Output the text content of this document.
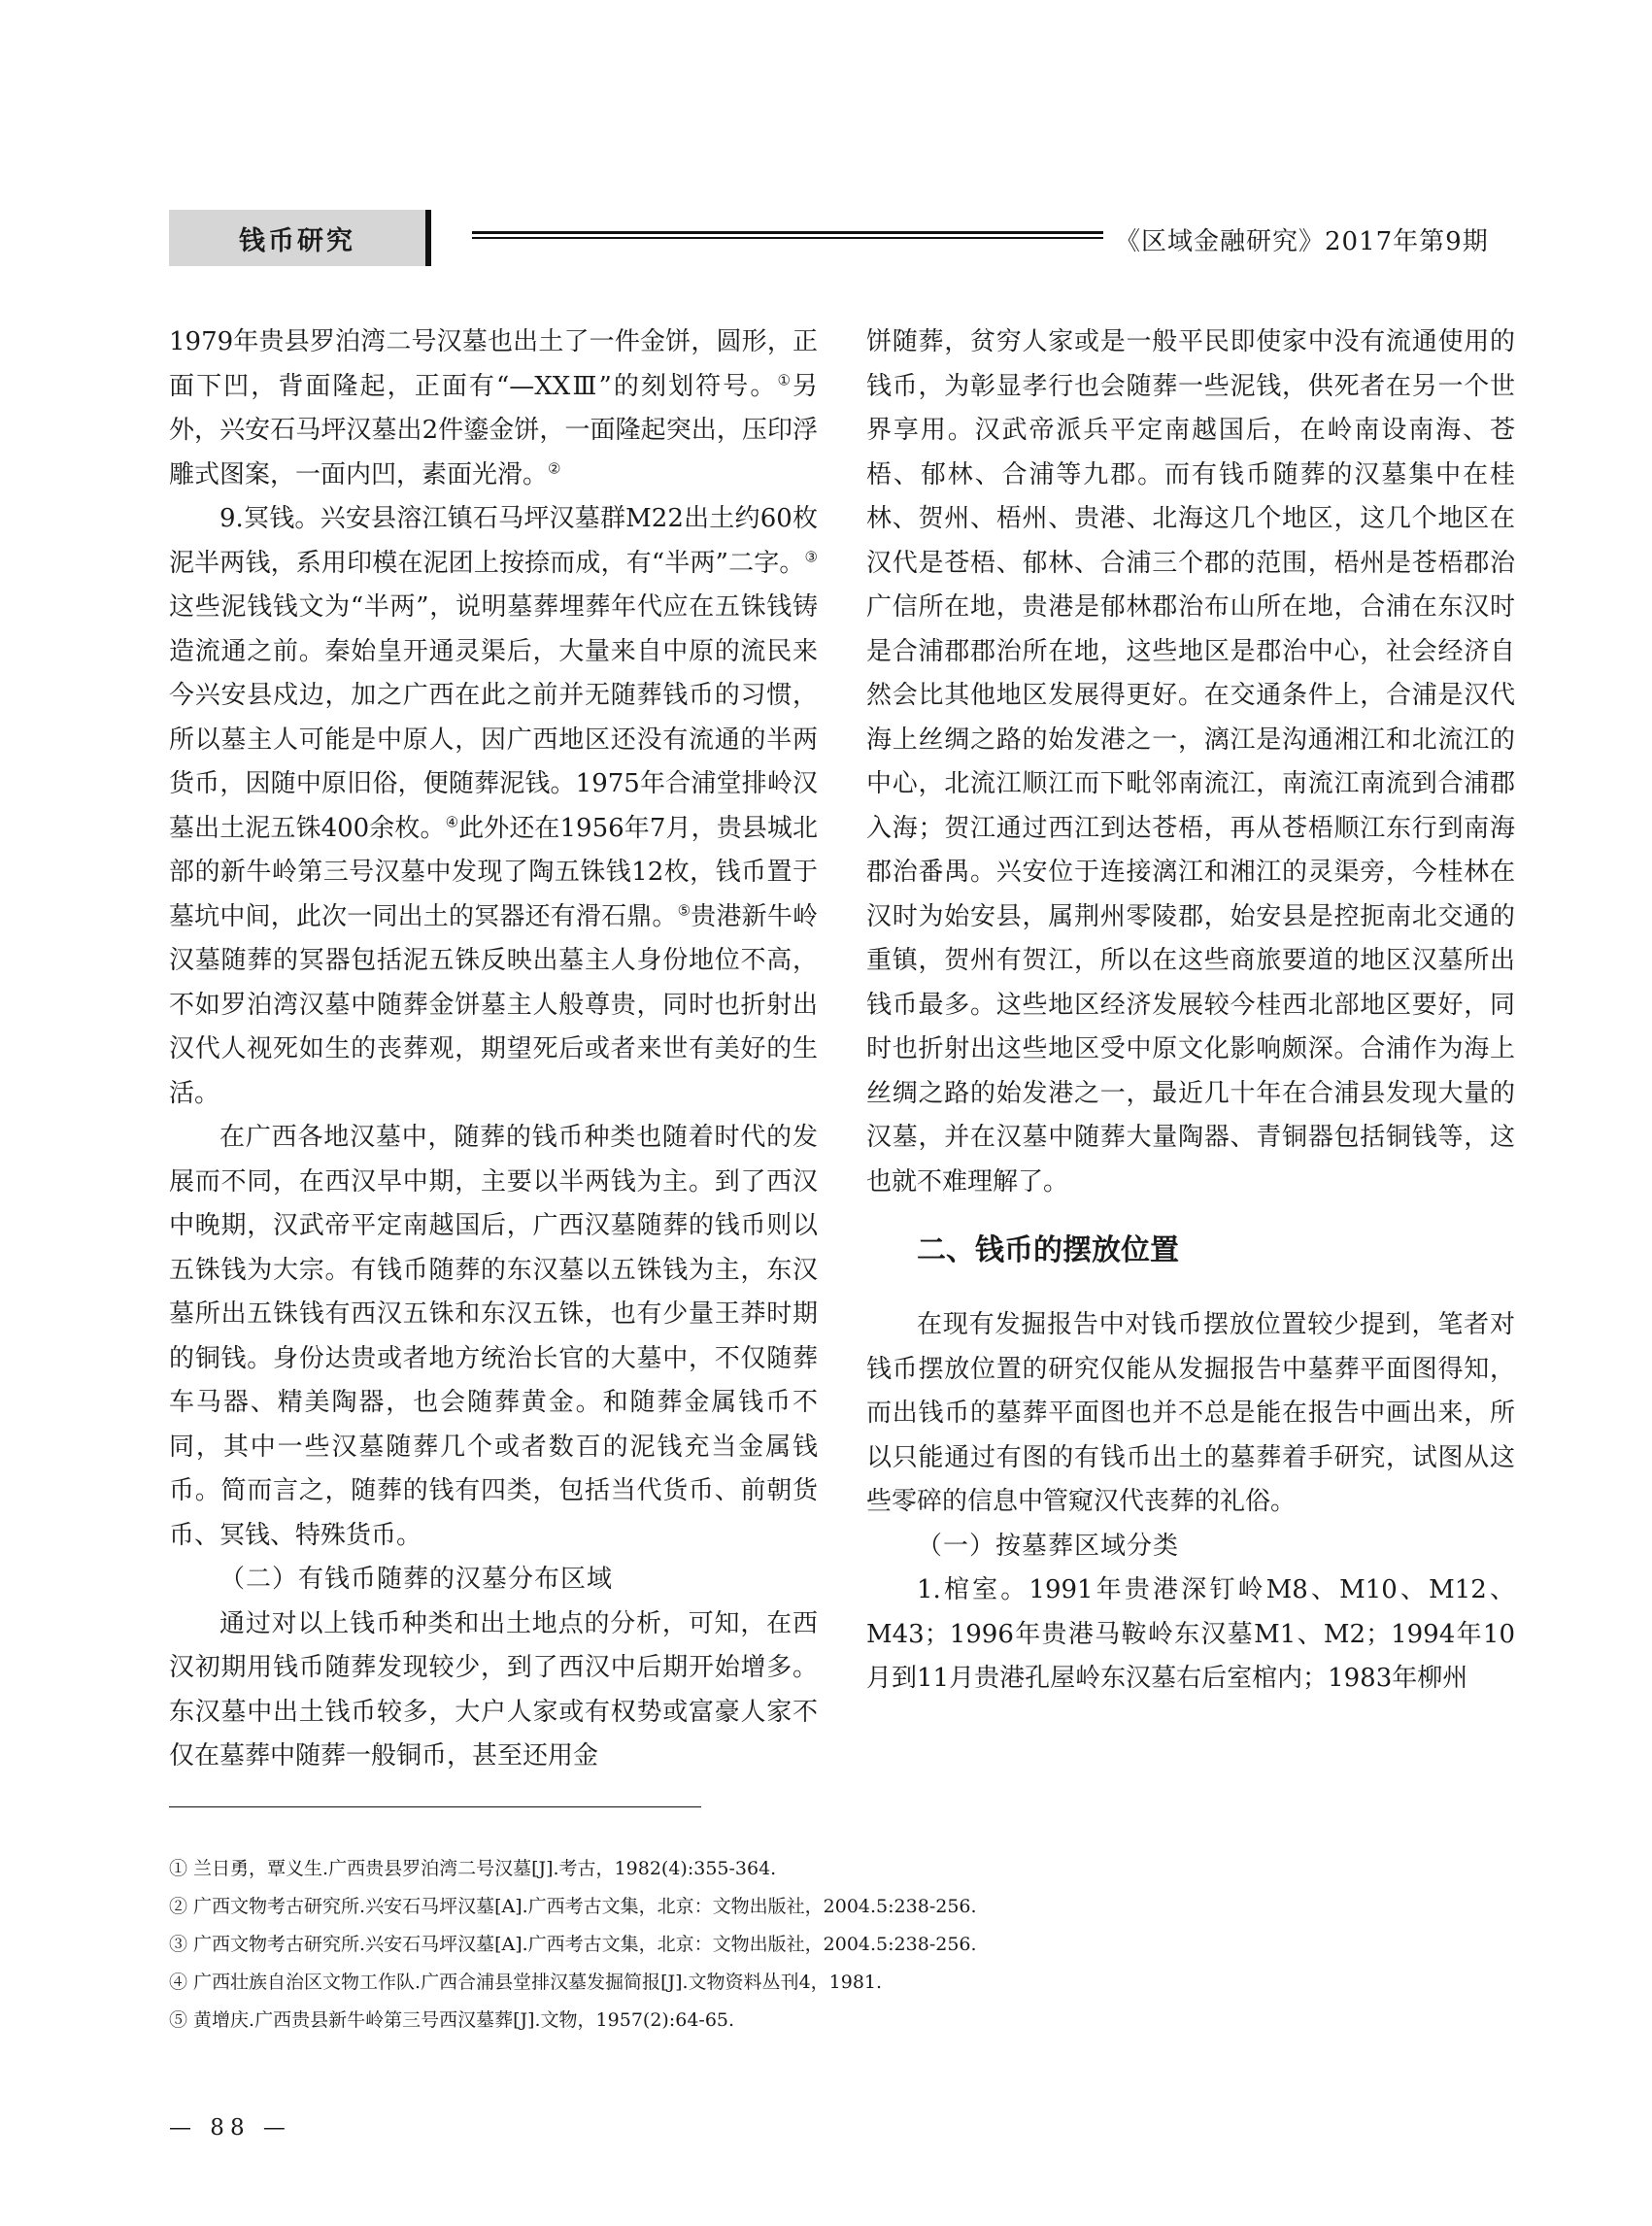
钱币研究	《区域金融研究》2017年第9期

1979年贵县罗泊湾二号汉墓也出土了一件金饼，圆形，正面下凹，背面隆起，正面有“—XXⅢ”的刻划符号。①另外，兴安石马坪汉墓出2件鎏金饼，一面隆起突出，压印浮雕式图案，一面内凹，素面光滑。②

9.冥钱。兴安县溶江镇石马坪汉墓群M22出土约60枚泥半两钱，系用印模在泥团上按捺而成，有“半两”二字。③这些泥钱钱文为“半两”，说明墓葬埋葬年代应在五铢钱铸造流通之前。秦始皇开通灵渠后，大量来自中原的流民来今兴安县戍边，加之广西在此之前并无随葬钱币的习惯，所以墓主人可能是中原人，因广西地区还没有流通的半两货币，因随中原旧俗，便随葬泥钱。1975年合浦堂排岭汉墓出土泥五铢400余枚。④此外还在1956年7月，贵县城北部的新牛岭第三号汉墓中发现了陶五铢钱12枚，钱币置于墓坑中间，此次一同出土的冥器还有滑石鼎。⑤贵港新牛岭汉墓随葬的冥器包括泥五铢反映出墓主人身份地位不高，不如罗泊湾汉墓中随葬金饼墓主人般尊贵，同时也折射出汉代人视死如生的丧葬观，期望死后或者来世有美好的生活。

在广西各地汉墓中，随葬的钱币种类也随着时代的发展而不同，在西汉早中期，主要以半两钱为主。到了西汉中晚期，汉武帝平定南越国后，广西汉墓随葬的钱币则以五铢钱为大宗。有钱币随葬的东汉墓以五铢钱为主，东汉墓所出五铢钱有西汉五铢和东汉五铢，也有少量王莽时期的铜钱。身份达贵或者地方统治长官的大墓中，不仅随葬车马器、精美陶器，也会随葬黄金。和随葬金属钱币不同，其中一些汉墓随葬几个或者数百的泥钱充当金属钱币。简而言之，随葬的钱有四类，包括当代货币、前朝货币、冥钱、特殊货币。

（二）有钱币随葬的汉墓分布区域

通过对以上钱币种类和出土地点的分析，可知，在西汉初期用钱币随葬发现较少，到了西汉中后期开始增多。东汉墓中出土钱币较多，大户人家或有权势或富豪人家不仅在墓葬中随葬一般铜币，甚至还用金

饼随葬，贫穷人家或是一般平民即使家中没有流通使用的钱币，为彰显孝行也会随葬一些泥钱，供死者在另一个世界享用。汉武帝派兵平定南越国后，在岭南设南海、苍梧、郁林、合浦等九郡。而有钱币随葬的汉墓集中在桂林、贺州、梧州、贵港、北海这几个地区，这几个地区在汉代是苍梧、郁林、合浦三个郡的范围，梧州是苍梧郡治广信所在地，贵港是郁林郡治布山所在地，合浦在东汉时是合浦郡郡治所在地，这些地区是郡治中心，社会经济自然会比其他地区发展得更好。在交通条件上，合浦是汉代海上丝绸之路的始发港之一，漓江是沟通湘江和北流江的中心，北流江顺江而下毗邻南流江，南流江南流到合浦郡入海；贺江通过西江到达苍梧，再从苍梧顺江东行到南海郡治番禺。兴安位于连接漓江和湘江的灵渠旁，今桂林在汉时为始安县，属荆州零陵郡，始安县是控扼南北交通的重镇，贺州有贺江，所以在这些商旅要道的地区汉墓所出钱币最多。这些地区经济发展较今桂西北部地区要好，同时也折射出这些地区受中原文化影响颇深。合浦作为海上丝绸之路的始发港之一，最近几十年在合浦县发现大量的汉墓，并在汉墓中随葬大量陶器、青铜器包括铜钱等，这也就不难理解了。

二、钱币的摆放位置

在现有发掘报告中对钱币摆放位置较少提到，笔者对钱币摆放位置的研究仅能从发掘报告中墓葬平面图得知，而出钱币的墓葬平面图也并不总是能在报告中画出来，所以只能通过有图的有钱币出土的墓葬着手研究，试图从这些零碎的信息中管窥汉代丧葬的礼俗。

（一）按墓葬区域分类

1.棺室。1991年贵港深钉岭M8、M10、M12、M43；1996年贵港马鞍岭东汉墓M1、M2；1994年10月到11月贵港孔屋岭东汉墓右后室棺内；1983年柳州

① 兰日勇，覃义生.广西贵县罗泊湾二号汉墓[J].考古，1982(4):355-364.
② 广西文物考古研究所.兴安石马坪汉墓[A].广西考古文集，北京：文物出版社，2004.5:238-256.
③ 广西文物考古研究所.兴安石马坪汉墓[A].广西考古文集，北京：文物出版社，2004.5:238-256.
④ 广西壮族自治区文物工作队.广西合浦县堂排汉墓发掘简报[J].文物资料丛刊4，1981.
⑤ 黄增庆.广西贵县新牛岭第三号西汉墓葬[J].文物，1957(2):64-65.
— 88 —
